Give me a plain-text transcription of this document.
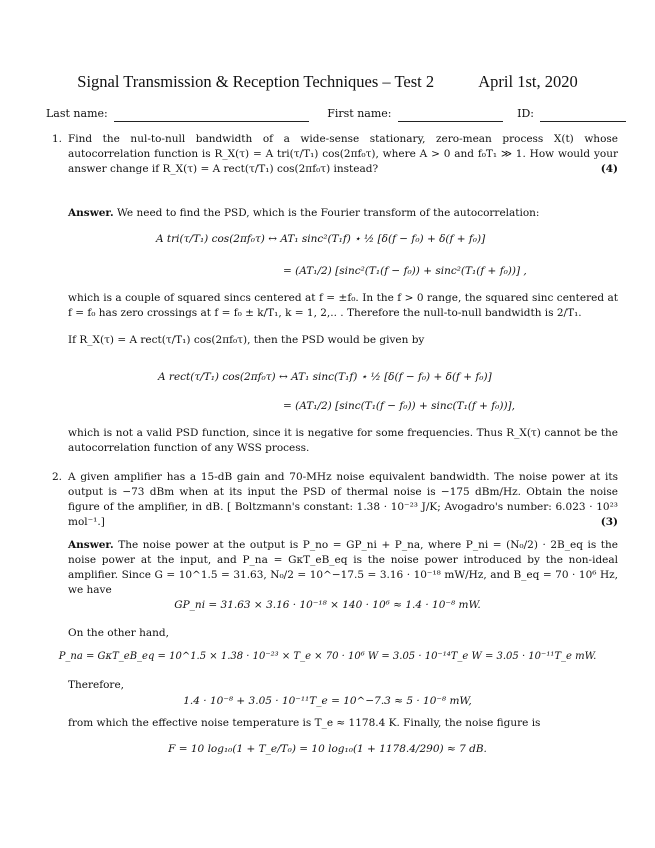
Signal Transmission & Reception Techniques – Test 2	April 1st, 2020
Last name:	First name:	ID:
1. Find the nul-to-null bandwidth of a wide-sense stationary, zero-mean process X(t) whose autocorrelation function is R_X(τ) = A tri(τ/T₁) cos(2πf₀τ), where A > 0 and f₀T₁ ≫ 1. How would your answer change if R_X(τ) = A rect(τ/T₁) cos(2πf₀τ) instead?	(4)
Answer. We need to find the PSD, which is the Fourier transform of the autocorrelation:
A tri(τ/T₁) cos(2πf₀τ) ↔ AT₁ sinc²(T₁f) ⋆ ½ [δ(f − f₀) + δ(f + f₀)]
= (AT₁/2) [sinc²(T₁(f − f₀)) + sinc²(T₁(f + f₀))] ,
which is a couple of squared sincs centered at f = ±f₀. In the f > 0 range, the squared sinc centered at f = f₀ has zero crossings at f = f₀ ± k/T₁, k = 1, 2,.. . Therefore the null-to-null bandwidth is 2/T₁.
If R_X(τ) = A rect(τ/T₁) cos(2πf₀τ), then the PSD would be given by
A rect(τ/T₁) cos(2πf₀τ) ↔ AT₁ sinc(T₁f) ⋆ ½ [δ(f − f₀) + δ(f + f₀)]
= (AT₁/2) [sinc(T₁(f − f₀)) + sinc(T₁(f + f₀))],
which is not a valid PSD function, since it is negative for some frequencies. Thus R_X(τ) cannot be the autocorrelation function of any WSS process.
2. A given amplifier has a 15-dB gain and 70-MHz noise equivalent bandwidth. The noise power at its output is −73 dBm when at its input the PSD of thermal noise is −175 dBm/Hz. Obtain the noise figure of the amplifier, in dB. [ Boltzmann's constant: 1.38 · 10⁻²³ J/K; Avogadro's number: 6.023 · 10²³ mol⁻¹.]	(3)
Answer. The noise power at the output is P_no = GP_ni + P_na, where P_ni = (N₀/2) · 2B_eq is the noise power at the input, and P_na = GκT_eB_eq is the noise power introduced by the non-ideal amplifier. Since G = 10^1.5 = 31.63, N₀/2 = 10^−17.5 = 3.16 · 10⁻¹⁸ mW/Hz, and B_eq = 70 · 10⁶ Hz, we have
GP_ni = 31.63 × 3.16 · 10⁻¹⁸ × 140 · 10⁶ ≈ 1.4 · 10⁻⁸ mW.
On the other hand,
P_na = GκT_eB_eq = 10^1.5 × 1.38 · 10⁻²³ × T_e × 70 · 10⁶ W = 3.05 · 10⁻¹⁴T_e W = 3.05 · 10⁻¹¹T_e mW.
Therefore,
1.4 · 10⁻⁸ + 3.05 · 10⁻¹¹T_e = 10^−7.3 ≈ 5 · 10⁻⁸ mW,
from which the effective noise temperature is T_e ≈ 1178.4 K. Finally, the noise figure is
F = 10 log₁₀(1 + T_e/T₀) = 10 log₁₀(1 + 1178.4/290) ≈ 7 dB.
